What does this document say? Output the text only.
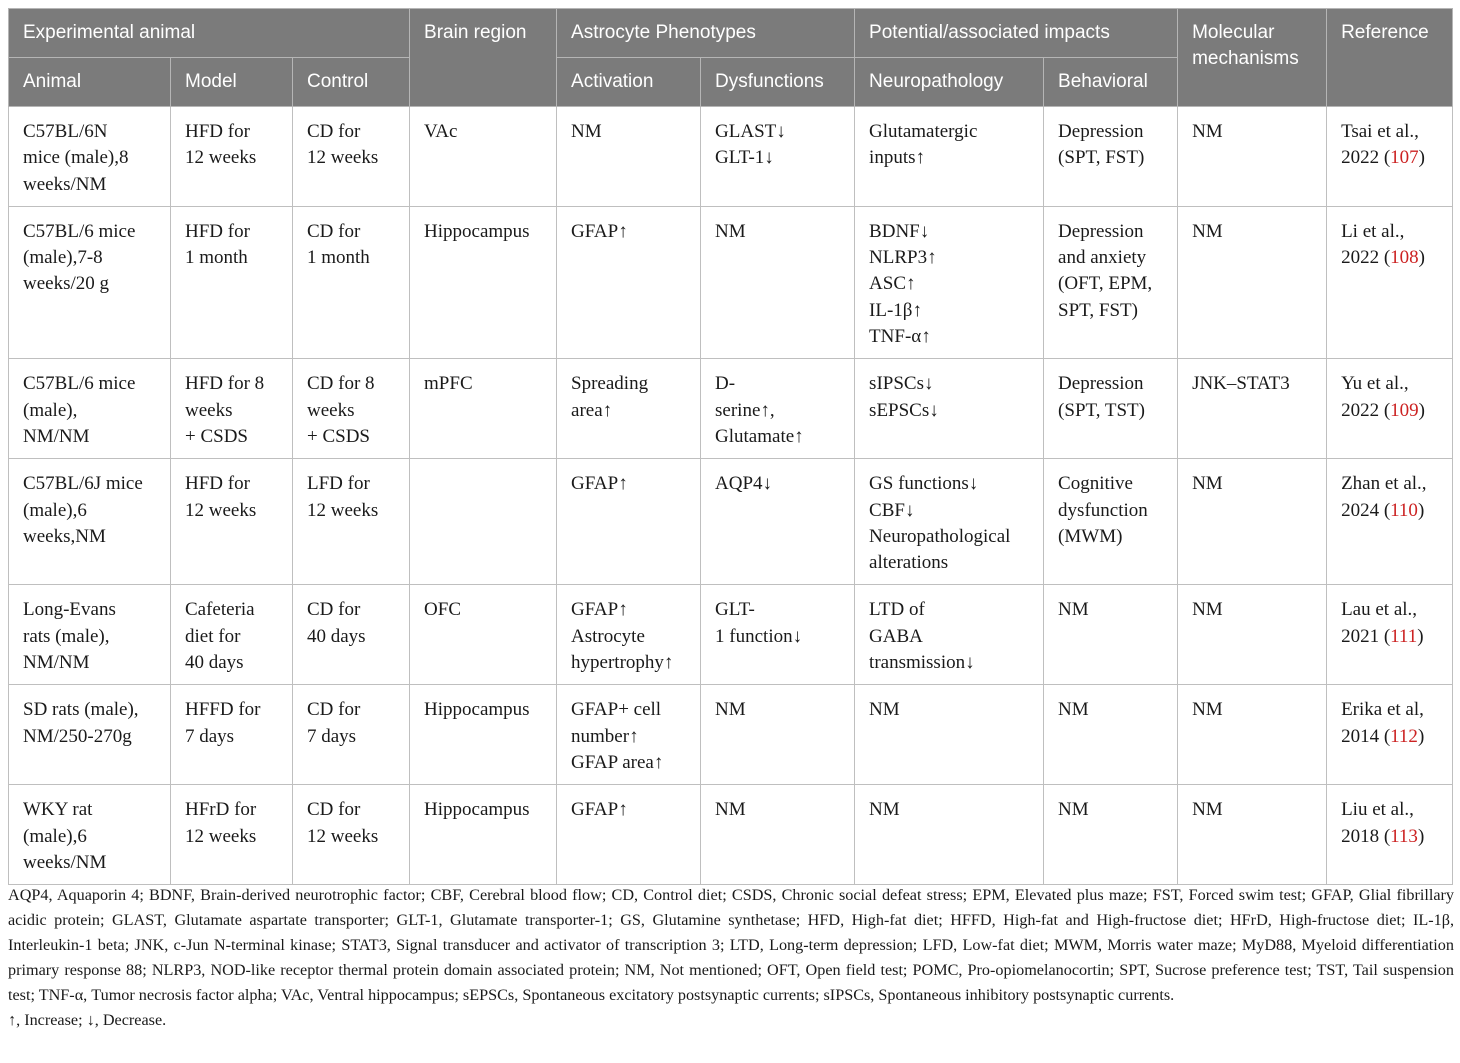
Experimental animal			Brain region	Astrocyte Phenotypes		Potential/associated impacts		Molecular mechanisms	Reference
Animal	Model	Control		Activation	Dysfunctions	Neuropathology	Behavioral		

C57BL/6N
mice (male),8
weeks/NM	HFD for
12 weeks	CD for
12 weeks	VAc	NM	GLAST↓
GLT-1↓	Glutamatergic
inputs↑	Depression
(SPT, FST)	NM	Tsai et al.,
2022 (107)

C57BL/6 mice
(male),7-8
weeks/20 g	HFD for
1 month	CD for
1 month	Hippocampus	GFAP↑	NM	BDNF↓
NLRP3↑
ASC↑
IL-1β↑
TNF-α↑	Depression
and anxiety
(OFT, EPM,
SPT, FST)	NM	Li et al.,
2022 (108)

C57BL/6 mice
(male),
NM/NM	HFD for 8
weeks
+ CSDS	CD for 8
weeks
+ CSDS	mPFC	Spreading
area↑	D-
serine↑,
Glutamate↑	sIPSCs↓
sEPSCs↓	Depression
(SPT, TST)	JNK–STAT3	Yu et al.,
2022 (109)

C57BL/6J mice
(male),6
weeks,NM	HFD for
12 weeks	LFD for
12 weeks		GFAP↑	AQP4↓	GS functions↓
CBF↓
Neuropathological
alterations	Cognitive
dysfunction
(MWM)	NM	Zhan et al.,
2024 (110)

Long-Evans
rats (male),
NM/NM	Cafeteria
diet for
40 days	CD for
40 days	OFC	GFAP↑
Astrocyte
hypertrophy↑	GLT-
1 function↓	LTD of
GABA
transmission↓	NM	NM	Lau et al.,
2021 (111)

SD rats (male),
NM/250-270g	HFFD for
7 days	CD for
7 days	Hippocampus	GFAP+ cell
number↑
GFAP area↑	NM	NM	NM	NM	Erika et al,
2014 (112)

WKY rat
(male),6
weeks/NM	HFrD for
12 weeks	CD for
12 weeks	Hippocampus	GFAP↑	NM	NM	NM	NM	Liu et al.,
2018 (113)

AQP4, Aquaporin 4; BDNF, Brain-derived neurotrophic factor; CBF, Cerebral blood flow; CD, Control diet; CSDS, Chronic social defeat stress; EPM, Elevated plus maze; FST, Forced swim test; GFAP, Glial fibrillary acidic protein; GLAST, Glutamate aspartate transporter; GLT-1, Glutamate transporter-1; GS, Glutamine synthetase; HFD, High-fat diet; HFFD, High-fat and High-fructose diet; HFrD, High-fructose diet; IL-1β, Interleukin-1 beta; JNK, c-Jun N-terminal kinase; STAT3, Signal transducer and activator of transcription 3; LTD, Long-term depression; LFD, Low-fat diet; MWM, Morris water maze; MyD88, Myeloid differentiation primary response 88; NLRP3, NOD-like receptor thermal protein domain associated protein; NM, Not mentioned; OFT, Open field test; POMC, Pro-opiomelanocortin; SPT, Sucrose preference test; TST, Tail suspension test; TNF-α, Tumor necrosis factor alpha; VAc, Ventral hippocampus; sEPSCs, Spontaneous excitatory postsynaptic currents; sIPSCs, Spontaneous inhibitory postsynaptic currents.

↑, Increase; ↓, Decrease.
